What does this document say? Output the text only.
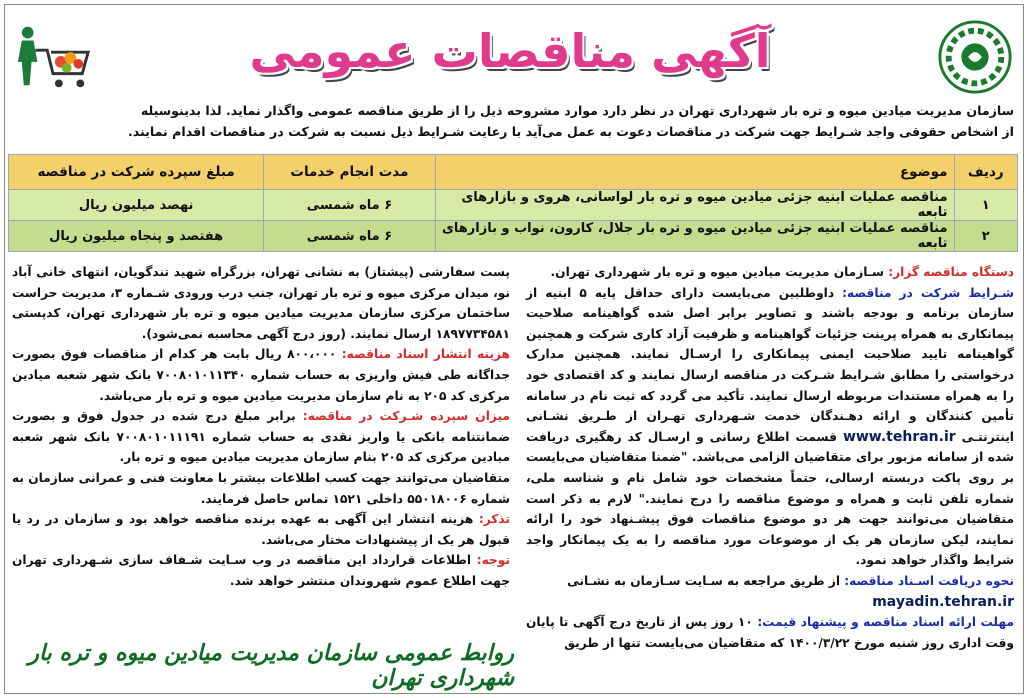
آگهی مناقصات عمومی

سازمان مدیریت میادین میوه و تره بار شهرداری تهران در نظر دارد موارد مشروحه ذیل را از طریق مناقصه عمومی واگذار نماید. لذا بدینوسیله

از اشخاص حقوقی واجد شـرایط جهت شرکت در مناقصات دعوت به عمل می‌آید با رعایت شـرایط ذیل نسبت به شرکت در مناقصات اقدام نمایند.

ردیف	موضوع	مدت انجام خدمات	مبلغ سپرده شرکت در مناقصه
۱	مناقصه عملیات ابنیه جزئی میادین میوه و تره بار لواسانی، هروی و بازارهای تابعه	۶ ماه شمسی	نهصد میلیون ریال
۲	مناقصه عملیات ابنیه جزئی میادین میوه و تره بار جلال، کارون، نواب و بازارهای تابعه	۶ ماه شمسی	هفتصد و پنجاه میلیون ریال

دستگاه مناقصه گزار: سـازمان مدیریت میادین میوه و تره بار شهرداری تهران.

شـرایط شرکت در مناقصه: داوطلبین می‌بایست دارای حداقل پایه ۵ ابنیه از سازمان برنامه و بودجه باشند و تصاویر برابر اصل شده گواهینامه صلاحیت پیمانکاری به همراه پرینت جزئیات گواهینامه و ظرفیت آزاد کاری شرکت و همچنین گواهینامه تایید صلاحیت ایمنی پیمانکاری را ارسـال نمایند. همچنین مدارک درخواستی را مطابق شـرایط شـرکت در مناقصه ارسال نمایند و کد اقتصادی خود را به همراه مستندات مربوطه ارسال نمایند. تأکید می گردد که ثبت نام در سامانه تأمین کنندگان و ارائه دهـندگان خدمت شـهرداری تهـران از طـریق نشـانی اینترنتـی www.tehran.ir قسمت اطلاع رسانی و ارسـال کد رهگیری دریافت شده از سامانه مزبور برای متقاضیان الزامی می‌باشد. "ضمنا متقاضیان می‌بایست بر روی پاکت دربسته ارسالی، حتماً مشخصات خود شامل نام و شناسه ملی، شماره تلفن ثابت و همراه و موضوع مناقصه را درج نمایند." لازم به ذکر است متقاضیان می‌توانند جهت هر دو موضوع مناقصات فوق پیشـنهاد خود را ارائه نمایند، لیکن سازمان هر یک از موضوعات مورد مناقصه را به یک پیمانکار واجد شرایط واگذار خواهد نمود.

نحوه دریافت اسـناد مناقصه: از طریق مراجعه به سـایت سـازمان به نشـانی

mayadin.tehran.ir

مهلت ارائه اسناد مناقصه و پیشنهاد قیمت: ۱۰ روز پس از تاریخ درج آگهی تا پایان وقت اداری روز شنبه مورخ ۱۴۰۰/۳/۲۲ که متقاضیان می‌بایست تنها از طریق

پست سفارشی (پیشتاز) به نشانی تهران، بزرگراه شهید تندگویان، انتهای خانی آباد نو، میدان مرکزی میوه و تره بار تهران، جنب درب ورودی شـماره ۳، مدیریت حراست ساختمان مرکزی سازمان مدیریت میادین میوه و تره بار شهرداری تهران، کدپستی ۱۸۹۷۷۳۴۵۸۱ ارسال نمایند. (روز درج آگهی محاسبه نمی‌شود).

هزینه انتشار اسناد مناقصه: ۸۰۰،۰۰۰ ریال بابت هر کدام از مناقصات فوق بصورت جداگانه طی فیش واریزی به حساب شماره ۷۰۰۸۰۱۰۱۱۳۴۰ بانک شهر شعبه میادین مرکزی کد ۲۰۵ به نام سازمان مدیریت میادین میوه و تره بار می‌باشد.

میزان سپرده شـرکت در مناقصه: برابر مبلغ درج شده در جدول فوق و بصورت ضمانتنامه بانکی یا واریز نقدی به حساب شماره ۷۰۰۸۰۱۰۱۱۱۹۱ بانک شهر شعبه میادین مرکزی کد ۲۰۵ بنام سازمان مدیریت میادین میوه و تره بار.

متقاضیان می‌توانند جهت کسب اطلاعات بیشتر با معاونت فنی و عمرانی سازمان به شماره ۵۵۰۱۸۰۰۶ داخلی ۱۵۲۱ تماس حاصل فرمایند.

تذکر: هزینه انتشار این آگهی به عهده برنده مناقصه خواهد بود و سازمان در رد یا قبول هر یک از پیشنهادات مختار می‌باشد.

توجه: اطلاعات قرارداد این مناقصه در وب سـایت شـفاف سازی شـهرداری تهران جهت اطلاع عموم شهروندان منتشر خواهد شد.

روابط عمومی سازمان مدیریت میادین میوه و تره بار شهرداری تهران
